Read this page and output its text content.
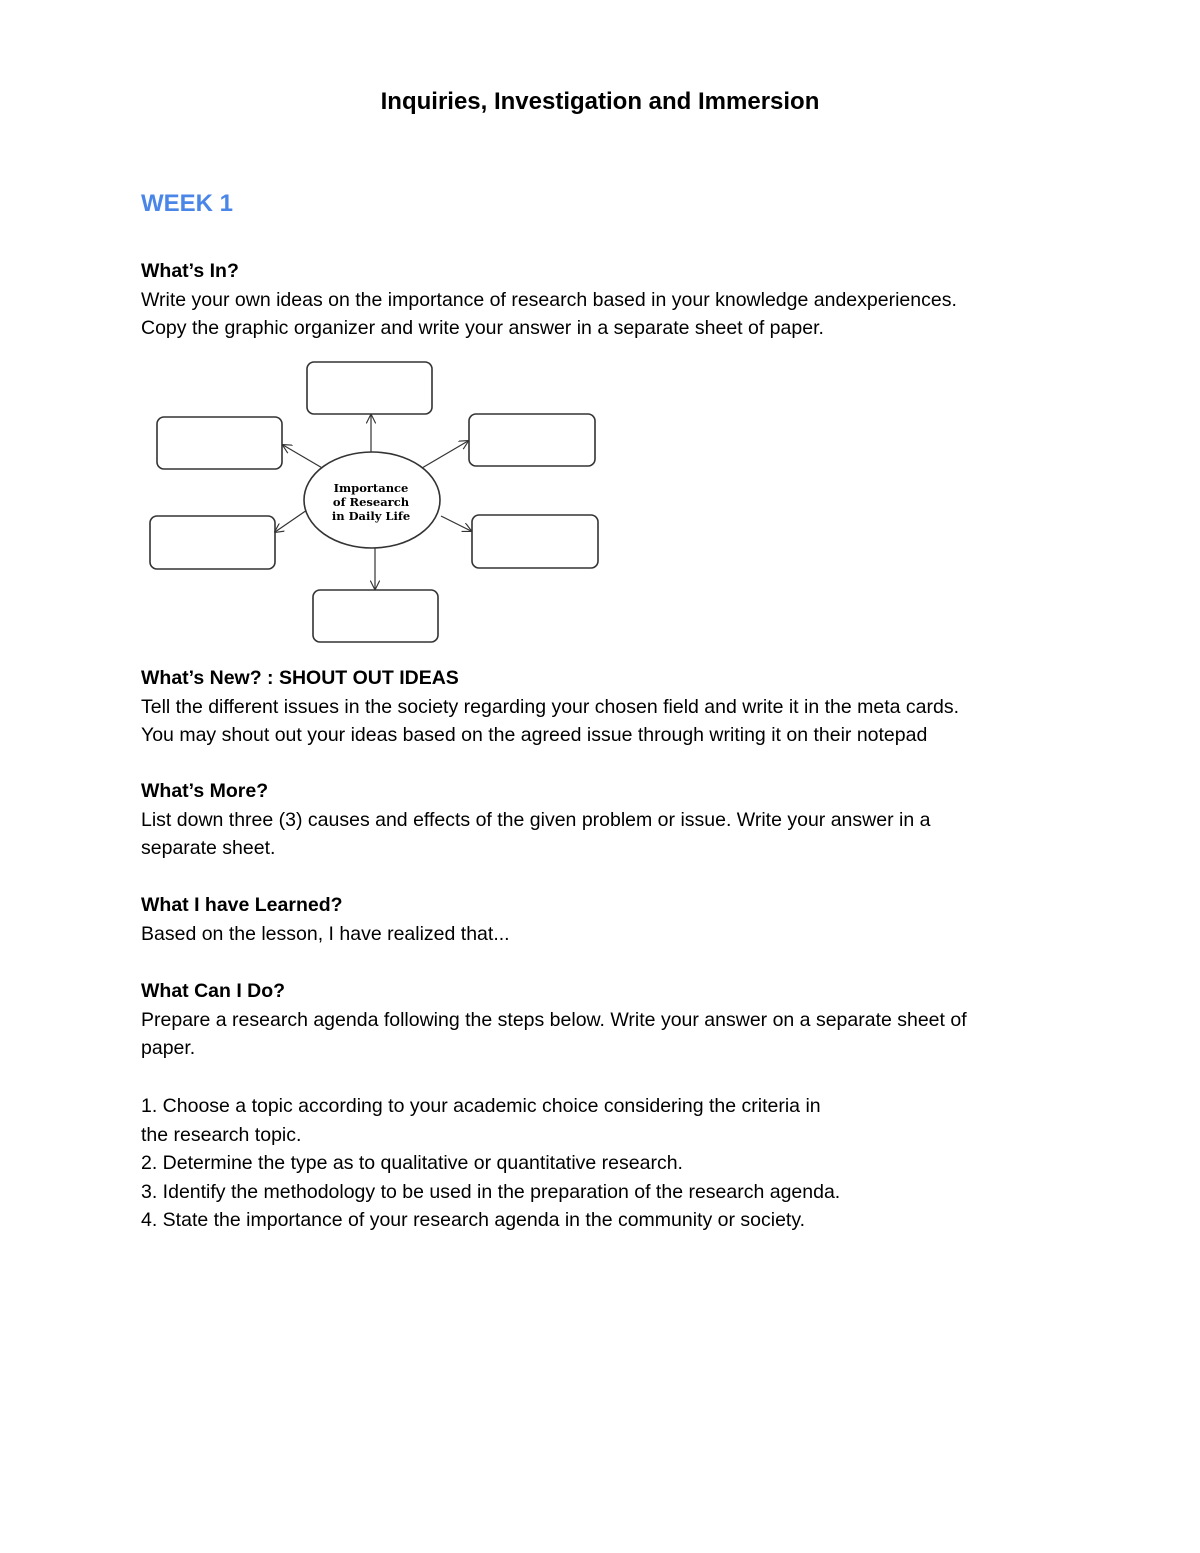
Inquiries, Investigation and Immersion
WEEK 1

What’s In?

Write your own ideas on the importance of research based in your knowledge andexperiences.

Copy the graphic organizer and write your answer in a separate sheet of paper.

Importance
of Research
in Daily Life

What’s New? : SHOUT OUT IDEAS

Tell the different issues in the society regarding your chosen field and write it in the meta cards.

You may shout out your ideas based on the agreed issue through writing it on their notepad

What’s More?

List down three (3) causes and effects of the given problem or issue. Write your answer in a

separate sheet.

What I have Learned?

Based on the lesson, I have realized that...

What Can I Do?

Prepare a research agenda following the steps below. Write your answer on a separate sheet of

paper.

1. Choose a topic according to your academic choice considering the criteria in

the research topic.

2. Determine the type as to qualitative or quantitative research.

3. Identify the methodology to be used in the preparation of the research agenda.

4. State the importance of your research agenda in the community or society.
